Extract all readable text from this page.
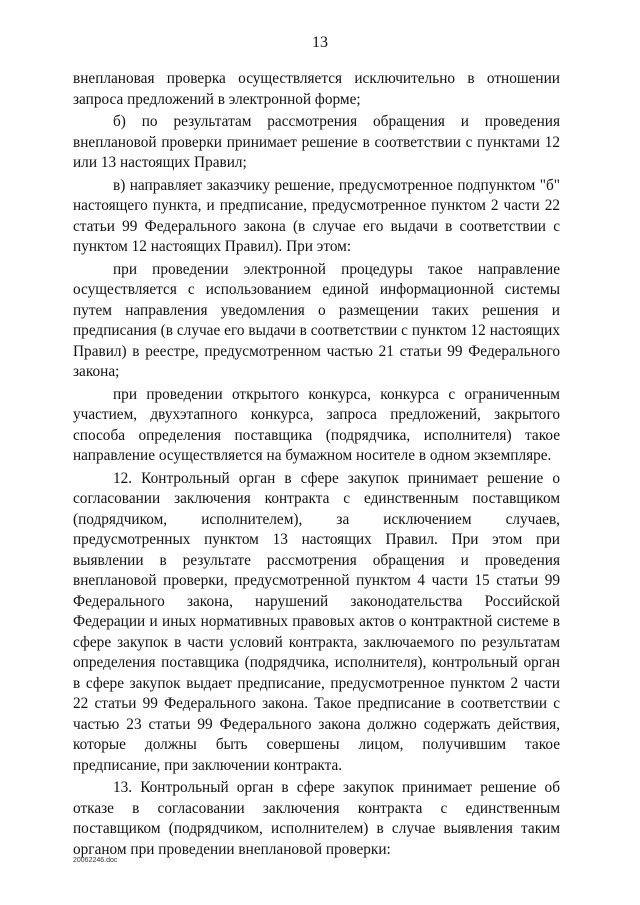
13

внеплановая проверка осуществляется исключительно в отношении запроса предложений в электронной форме;

б) по результатам рассмотрения обращения и проведения внеплановой проверки принимает решение в соответствии с пунктами 12 или 13 настоящих Правил;

в) направляет заказчику решение, предусмотренное подпунктом "б" настоящего пункта, и предписание, предусмотренное пунктом 2 части 22 статьи 99 Федерального закона (в случае его выдачи в соответствии с пунктом 12 настоящих Правил). При этом:

при проведении электронной процедуры такое направление осуществляется с использованием единой информационной системы путем направления уведомления о размещении таких решения и предписания (в случае его выдачи в соответствии с пунктом 12 настоящих Правил) в реестре, предусмотренном частью 21 статьи 99 Федерального закона;

при проведении открытого конкурса, конкурса с ограниченным участием, двухэтапного конкурса, запроса предложений, закрытого способа определения поставщика (подрядчика, исполнителя) такое направление осуществляется на бумажном носителе в одном экземпляре.

12. Контрольный орган в сфере закупок принимает решение о согласовании заключения контракта с единственным поставщиком (подрядчиком, исполнителем), за исключением случаев, предусмотренных пунктом 13 настоящих Правил. При этом при выявлении в результате рассмотрения обращения и проведения внеплановой проверки, предусмотренной пунктом 4 части 15 статьи 99 Федерального закона, нарушений законодательства Российской Федерации и иных нормативных правовых актов о контрактной системе в сфере закупок в части условий контракта, заключаемого по результатам определения поставщика (подрядчика, исполнителя), контрольный орган в сфере закупок выдает предписание, предусмотренное пунктом 2 части 22 статьи 99 Федерального закона. Такое предписание в соответствии с частью 23 статьи 99 Федерального закона должно содержать действия, которые должны быть совершены лицом, получившим такое предписание, при заключении контракта.

13. Контрольный орган в сфере закупок принимает решение об отказе в согласовании заключения контракта с единственным поставщиком (подрядчиком, исполнителем) в случае выявления таким органом при проведении внеплановой проверки:

20062246.doc
